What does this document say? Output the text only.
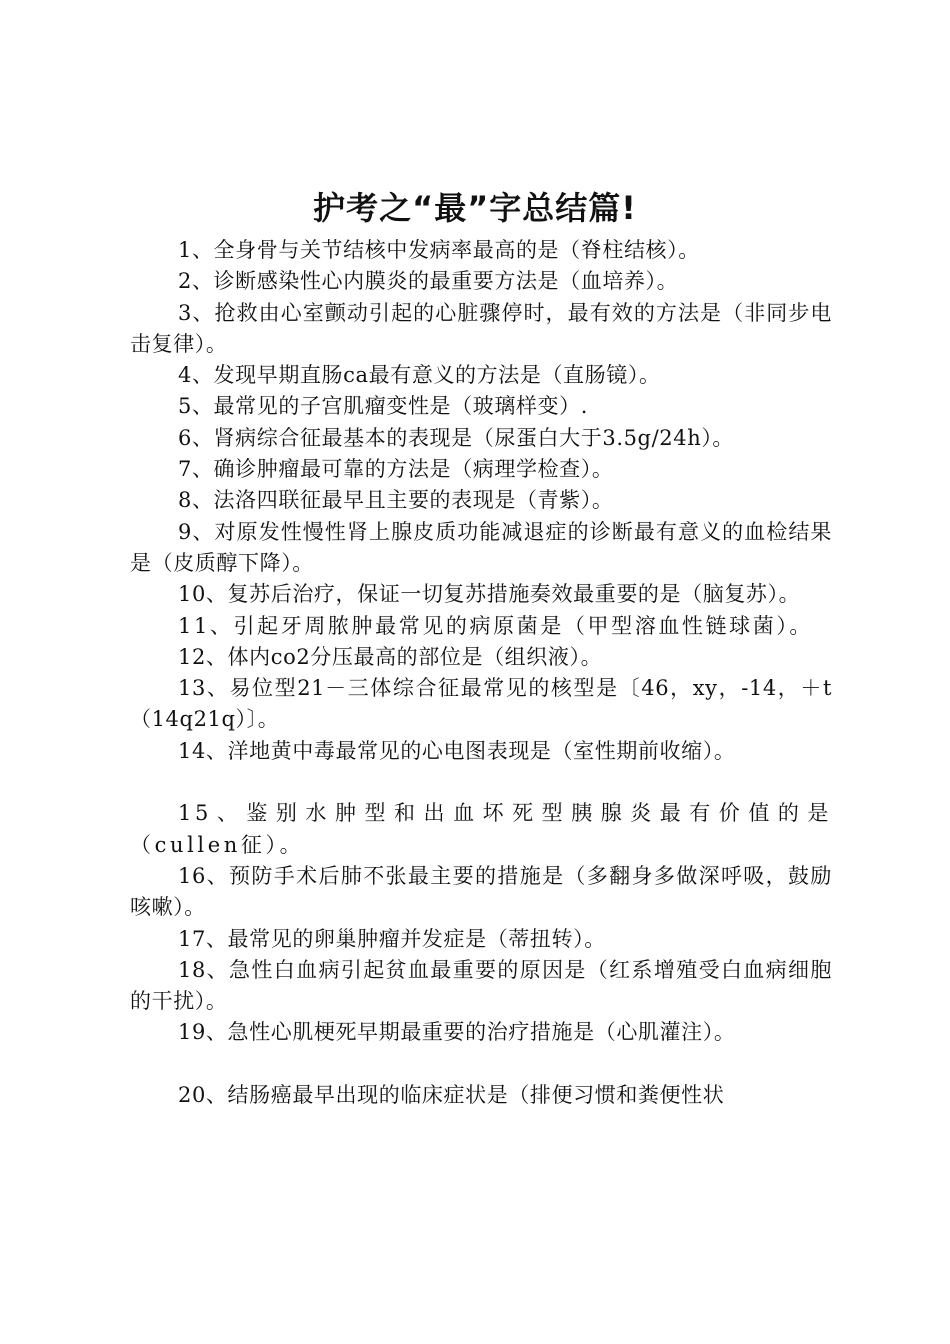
护考之“最”字总结篇!

1、全身骨与关节结核中发病率最高的是（脊柱结核）。

2、诊断感染性心内膜炎的最重要方法是（血培养）。

3、抢救由心室颤动引起的心脏骤停时，最有效的方法是（非同步电击复律）。

4、发现早期直肠ca最有意义的方法是（直肠镜）。

5、最常见的子宫肌瘤变性是（玻璃样变）.

6、肾病综合征最基本的表现是（尿蛋白大于3.5g/24h）。

7、确诊肿瘤最可靠的方法是（病理学检查）。

8、法洛四联征最早且主要的表现是（青紫）。

9、对原发性慢性肾上腺皮质功能减退症的诊断最有意义的血检结果是（皮质醇下降）。

10、复苏后治疗，保证一切复苏措施奏效最重要的是（脑复苏）。

11、引起牙周脓肿最常见的病原菌是（甲型溶血性链球菌）。

12、体内co2分压最高的部位是（组织液）。

13、易位型21－三体综合征最常见的核型是〔46，xy，-14，＋t（14q21q）〕。

14、洋地黄中毒最常见的心电图表现是（室性期前收缩）。

15、鉴别水肿型和出血坏死型胰腺炎最有价值的是（cullen征）。

16、预防手术后肺不张最主要的措施是（多翻身多做深呼吸，鼓励咳嗽）。

17、最常见的卵巢肿瘤并发症是（蒂扭转）。

18、急性白血病引起贫血最重要的原因是（红系增殖受白血病细胞的干扰）。

19、急性心肌梗死早期最重要的治疗措施是（心肌灌注）。

20、结肠癌最早出现的临床症状是（排便习惯和粪便性状
